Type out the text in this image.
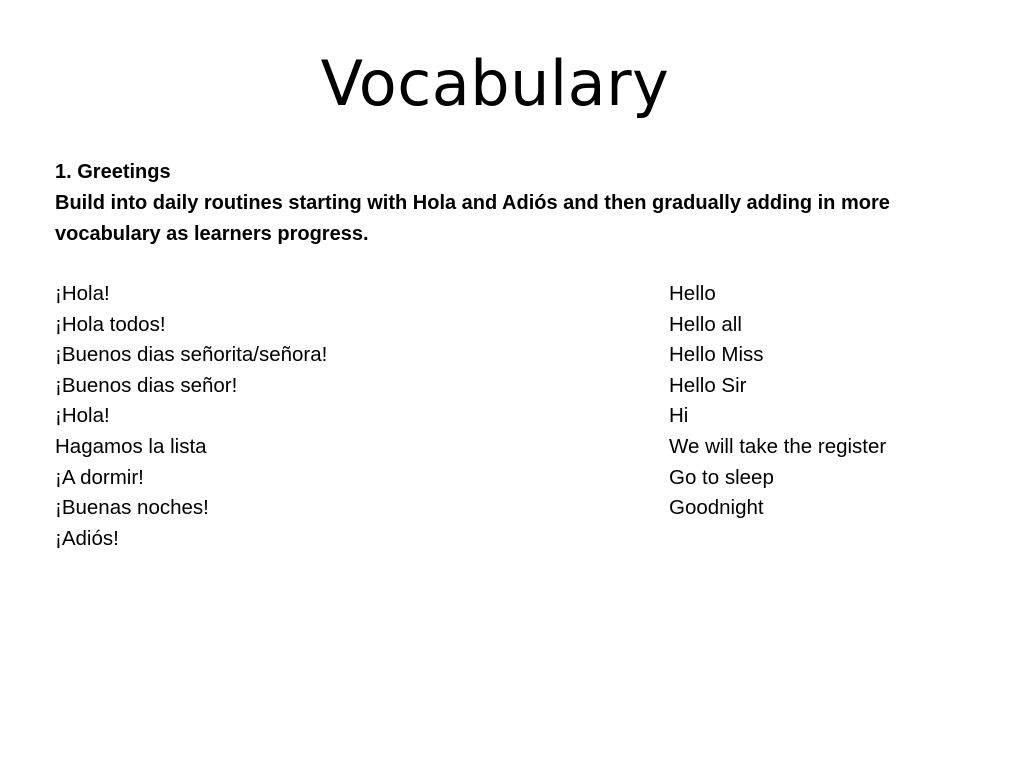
Vocabulary
1. Greetings
Build into daily routines starting with Hola and Adiós and then gradually adding in more
vocabulary as learners progress.
¡Hola!	Hello
¡Hola todos!	Hello all
¡Buenos dias señorita/señora!	Hello Miss
¡Buenos dias señor!	Hello Sir
¡Hola!	Hi
Hagamos la lista	We will take the register
¡A dormir!	Go to sleep
¡Buenas noches!	Goodnight
¡Adiós!
